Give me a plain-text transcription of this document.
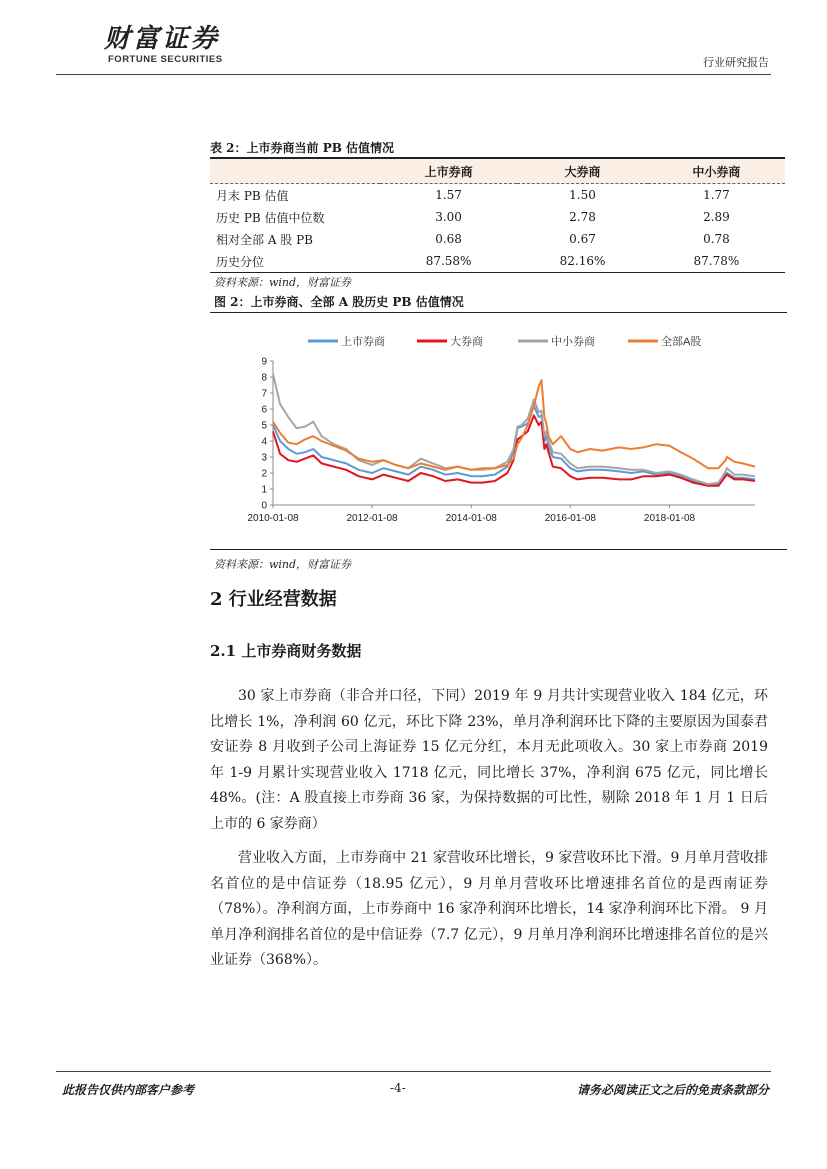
财富证券
FORTUNE SECURITIES	行业研究报告
表 2：上市券商当前 PB 估值情况
	上市券商	大券商	中小券商
月末 PB 估值	1.57	1.50	1.77
历史 PB 估值中位数	3.00	2.78	2.89
相对全部 A 股 PB	0.68	0.67	0.78
历史分位	87.58%	82.16%	87.78%
资料来源：wind，财富证券
图 2：上市券商、全部 A 股历史 PB 估值情况
上市券商	大券商	中小券商	全部A股
0
1
2
3
4
5
6
7
8
9
2010-01-08	2012-01-08	2014-01-08	2016-01-08	2018-01-08
资料来源：wind，财富证券
2 行业经营数据
2.1 上市券商财务数据
30 家上市券商（非合并口径，下同）2019 年 9 月共计实现营业收入 184 亿元，环比增长 1%，净利润 60 亿元，环比下降 23%，单月净利润环比下降的主要原因为国泰君安证券 8 月收到子公司上海证券 15 亿元分红，本月无此项收入。30 家上市券商 2019 年 1-9 月累计实现营业收入 1718 亿元，同比增长 37%，净利润 675 亿元，同比增长 48%。(注：A 股直接上市券商 36 家，为保持数据的可比性，剔除 2018 年 1 月 1 日后上市的 6 家券商）
营业收入方面，上市券商中 21 家营收环比增长，9 家营收环比下滑。9 月单月营收排名首位的是中信证券（18.95 亿元），9 月单月营收环比增速排名首位的是西南证券（78%）。净利润方面，上市券商中 16 家净利润环比增长，14 家净利润环比下滑。 9 月单月净利润排名首位的是中信证券（7.7 亿元），9 月单月净利润环比增速排名首位的是兴业证券（368%）。
此报告仅供内部客户参考	-4-	请务必阅读正文之后的免责条款部分
